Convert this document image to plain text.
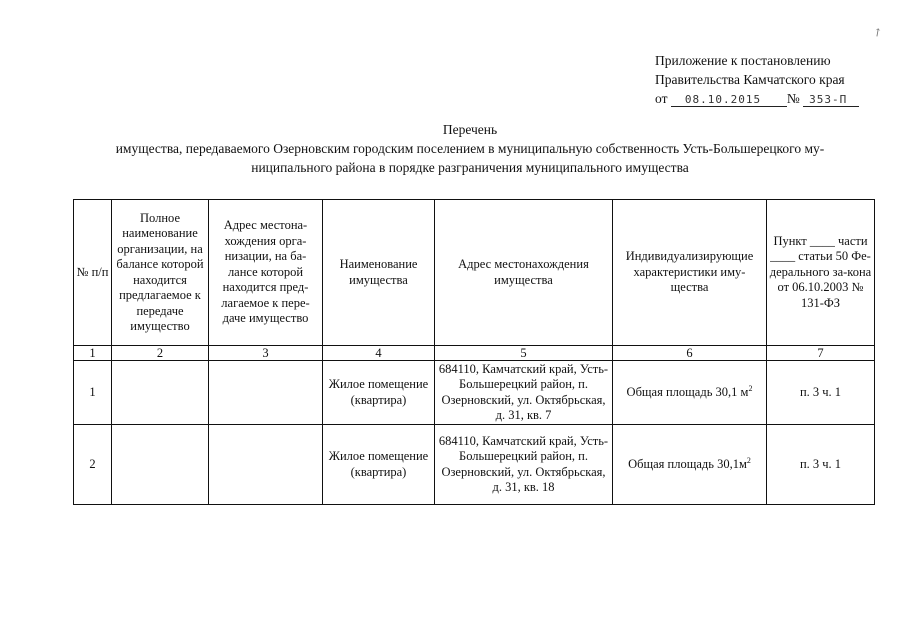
↗
Приложение к постановлению
Правительства Камчатского края
от 08.10.2015 № 353-П
Перечень
имущества, передаваемого Озерновским городским поселением в муниципальную собственность Усть-Большерецкого му-
ниципального района в порядке разграничения муниципального имущества
№ п/п	Полное наименование организации, на балансе которой находится предлагаемое к передаче имущество	Адрес местона-хождения орга-низации, на ба-лансе которой находится пред-лагаемое к пере-даче имущество	Наименование имущества	Адрес местонахождения имущества	Индивидуализирующие характеристики иму-щества	Пункт ____ части ____ статьи 50 Фе-дерального за-кона от 06.10.2003 № 131-ФЗ
1	2	3	4	5	6	7
1			Жилое помещение (квартира)	684110, Камчатский край, Усть- Большерецкий район, п. Озерновский, ул. Октябрьская, д. 31, кв. 7	Общая площадь 30,1 $м^2$	п. 3 ч. 1
2			Жилое помещение (квартира)	684110, Камчатский край, Усть- Большерецкий район, п. Озерновский, ул. Октябрьская, д. 31, кв. 18	Общая площадь $30,1м^2$	п. 3 ч. 1
